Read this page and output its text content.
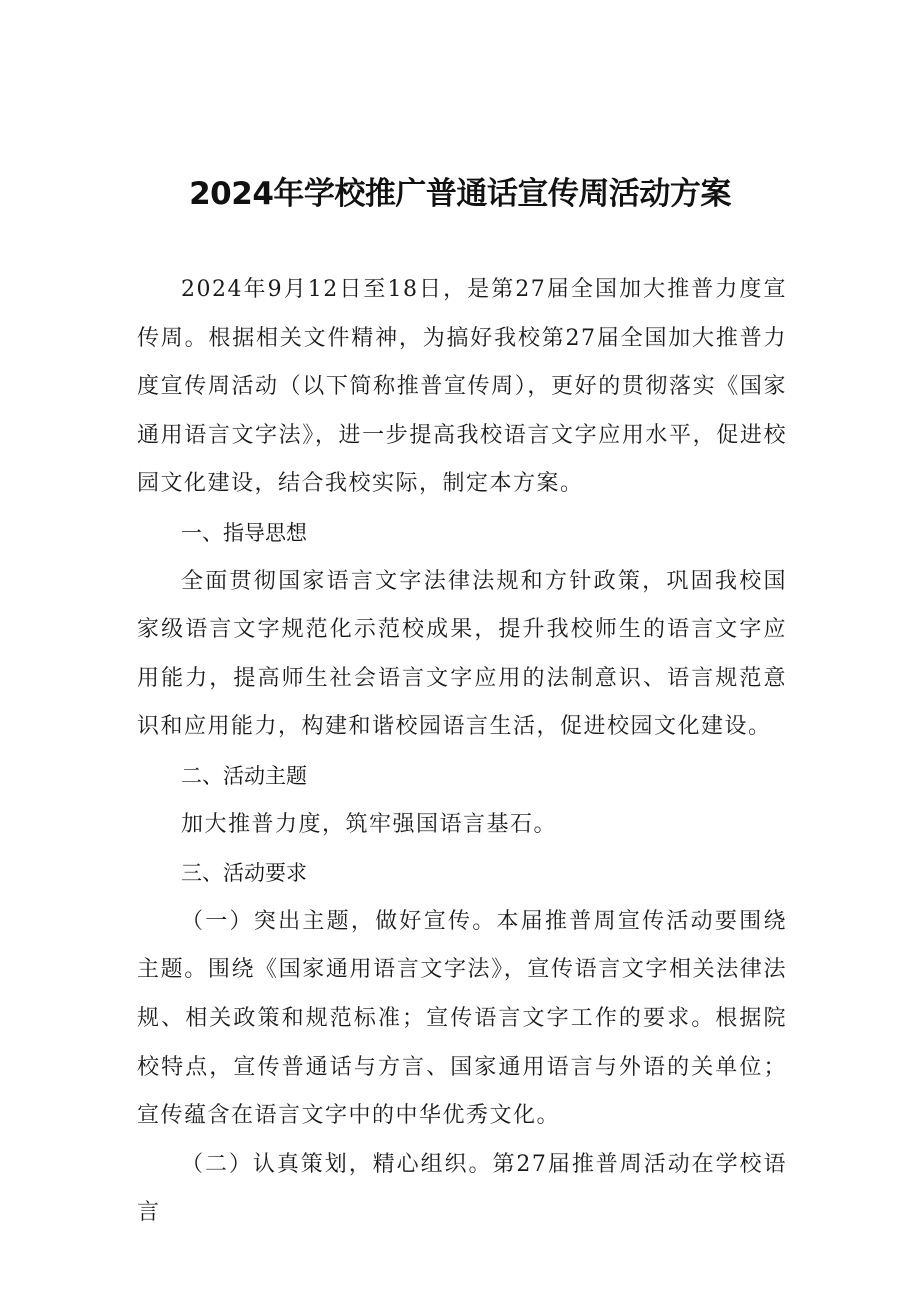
2024年学校推广普通话宣传周活动方案

2024年9月12日至18日，是第27届全国加大推普力度宣传周。根据相关文件精神，为搞好我校第27届全国加大推普力度宣传周活动（以下简称推普宣传周），更好的贯彻落实《国家通用语言文字法》，进一步提高我校语言文字应用水平，促进校园文化建设，结合我校实际，制定本方案。

一、指导思想

全面贯彻国家语言文字法律法规和方针政策，巩固我校国家级语言文字规范化示范校成果，提升我校师生的语言文字应用能力，提高师生社会语言文字应用的法制意识、语言规范意识和应用能力，构建和谐校园语言生活，促进校园文化建设。

二、活动主题

加大推普力度，筑牢强国语言基石。

三、活动要求

（一）突出主题，做好宣传。本届推普周宣传活动要围绕主题。围绕《国家通用语言文字法》，宣传语言文字相关法律法规、相关政策和规范标准；宣传语言文字工作的要求。根据院校特点，宣传普通话与方言、国家通用语言与外语的关单位；宣传蕴含在语言文字中的中华优秀文化。

（二）认真策划，精心组织。第27届推普周活动在学校语言
